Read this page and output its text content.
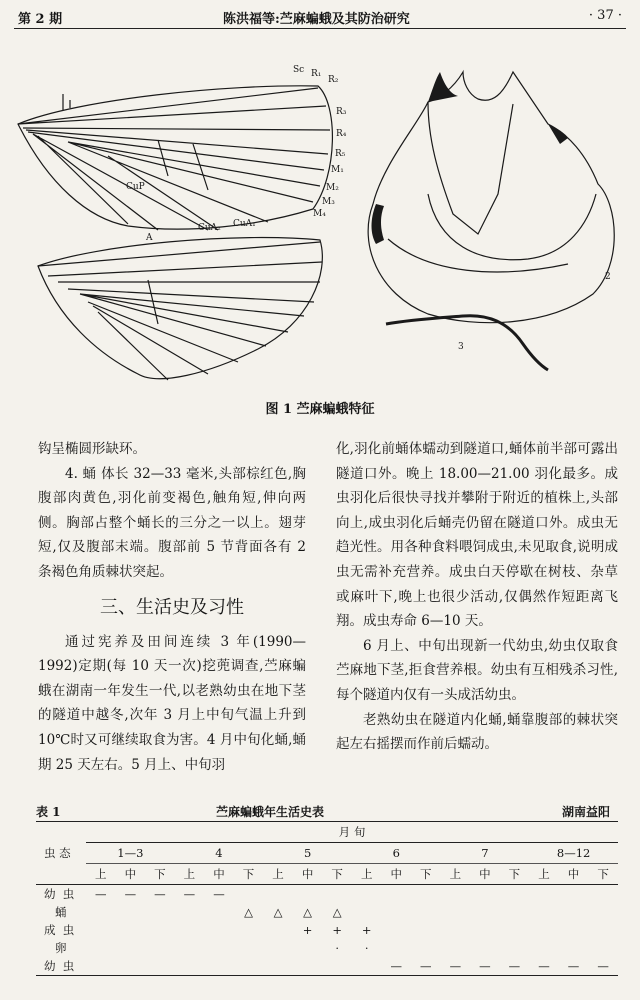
第 2 期	陈洪福等:苎麻蝙蛾及其防治研究	· 37 ·
Sc R₁
R₂
R₃
R₄
R₅
M₁
M₂
M₃
M₄
CuP
CuA₂ CuA₁
A
2
3
图 1 苎麻蝙蛾特征

钩呈椭圆形缺环。

4. 蛹 体长 32—33 毫米,头部棕红色,胸腹部肉黄色,羽化前变褐色,触角短,伸向两侧。胸部占整个蛹长的三分之一以上。翅芽短,仅及腹部末端。腹部前 5 节背面各有 2 条褐色角质棘状突起。

三、生活史及习性

通过宪养及田间连续 3 年(1990—1992)定期(每 10 天一次)挖蔸调查,苎麻蝙蛾在湖南一年发生一代,以老熟幼虫在地下茎的隧道中越冬,次年 3 月上中旬气温上升到 10℃时又可继续取食为害。4 月中旬化蛹,蛹期 25 天左右。5 月上、中旬羽

化,羽化前蛹体蠕动到隧道口,蛹体前半部可露出隧道口外。晚上 18.00—21.00 羽化最多。成虫羽化后很快寻找并攀附于附近的植株上,头部向上,成虫羽化后蛹壳仍留在隧道口外。成虫无趋光性。用各种食料喂饲成虫,未见取食,说明成虫无需补充营养。成虫白天停歇在树枝、杂草或麻叶下,晚上也很少活动,仅偶然作短距离飞翔。成虫寿命 6—10 天。

6 月上、中旬出现新一代幼虫,幼虫仅取食苎麻地下茎,拒食营养根。幼虫有互相残杀习性,每个隧道内仅有一头成活幼虫。

老熟幼虫在隧道内化蛹,蛹靠腹部的棘状突起左右摇摆而作前后蠕动。

表 1	苎麻蝙蛾年生活史表	湖南益阳
虫 态	月 旬																	
	1—3			4			5			6			7			8—12		
	上	中	下	上	中	下	上	中	下	上	中	下	上	中	下	上	中	下
幼  虫	—	—	—	—	—													
蛹						△	△	△	△									
成  虫								+	+	+								
卵									·	·								
幼  虫											—	—	—	—	—	—	—	—
